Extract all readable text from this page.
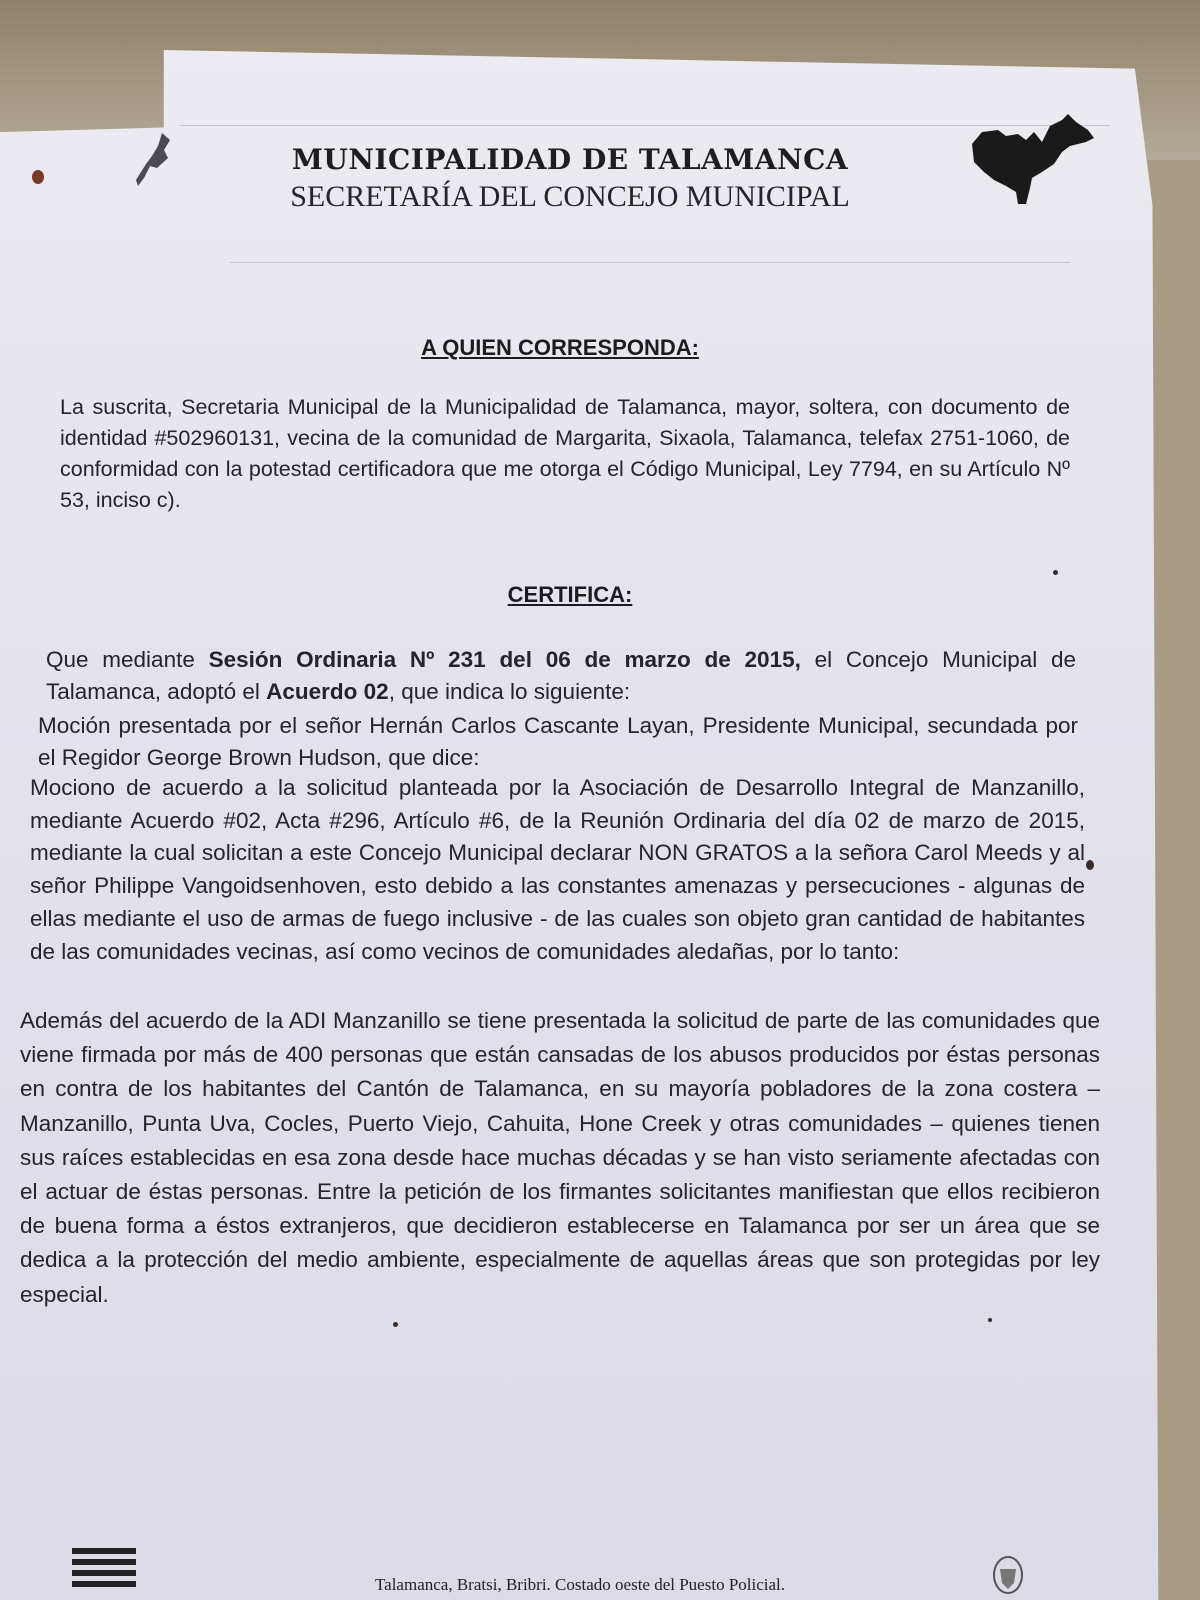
MUNICIPALIDAD DE TALAMANCA
SECRETARÍA DEL CONCEJO MUNICIPAL
A QUIEN CORRESPONDA:

La suscrita, Secretaria Municipal de la Municipalidad de Talamanca, mayor, soltera, con documento de identidad #502960131, vecina de la comunidad de Margarita, Sixaola, Talamanca, telefax 2751-1060, de conformidad con la potestad certificadora que me otorga el Código Municipal, Ley 7794, en su Artículo Nº 53, inciso c).

CERTIFICA:

Que mediante Sesión Ordinaria Nº 231 del 06 de marzo de 2015, el Concejo Municipal de Talamanca, adoptó el Acuerdo 02, que indica lo siguiente:

Moción presentada por el señor Hernán Carlos Cascante Layan, Presidente Municipal, secundada por el Regidor George Brown Hudson, que dice:

Mociono de acuerdo a la solicitud planteada por la Asociación de Desarrollo Integral de Manzanillo, mediante Acuerdo #02, Acta #296, Artículo #6, de la Reunión Ordinaria del día 02 de marzo de 2015, mediante la cual solicitan a este Concejo Municipal declarar NON GRATOS a la señora Carol Meeds y al señor Philippe Vangoidsenhoven, esto debido a las constantes amenazas y persecuciones - algunas de ellas mediante el uso de armas de fuego inclusive - de las cuales son objeto gran cantidad de habitantes de las comunidades vecinas, así como vecinos de comunidades aledañas, por lo tanto:

Además del acuerdo de la ADI Manzanillo se tiene presentada la solicitud de parte de las comunidades que viene firmada por más de 400 personas que están cansadas de los abusos producidos por éstas personas en contra de los habitantes del Cantón de Talamanca, en su mayoría pobladores de la zona costera – Manzanillo, Punta Uva, Cocles, Puerto Viejo, Cahuita, Hone Creek y otras comunidades – quienes tienen sus raíces establecidas en esa zona desde hace muchas décadas y se han visto seriamente afectadas con el actuar de éstas personas. Entre la petición de los firmantes solicitantes manifiestan que ellos recibieron de buena forma a éstos extranjeros, que decidieron establecerse en Talamanca por ser un área que se dedica a la protección del medio ambiente, especialmente de aquellas áreas que son protegidas por ley especial.

Talamanca, Bratsi, Bribri. Costado oeste del Puesto Policial.
